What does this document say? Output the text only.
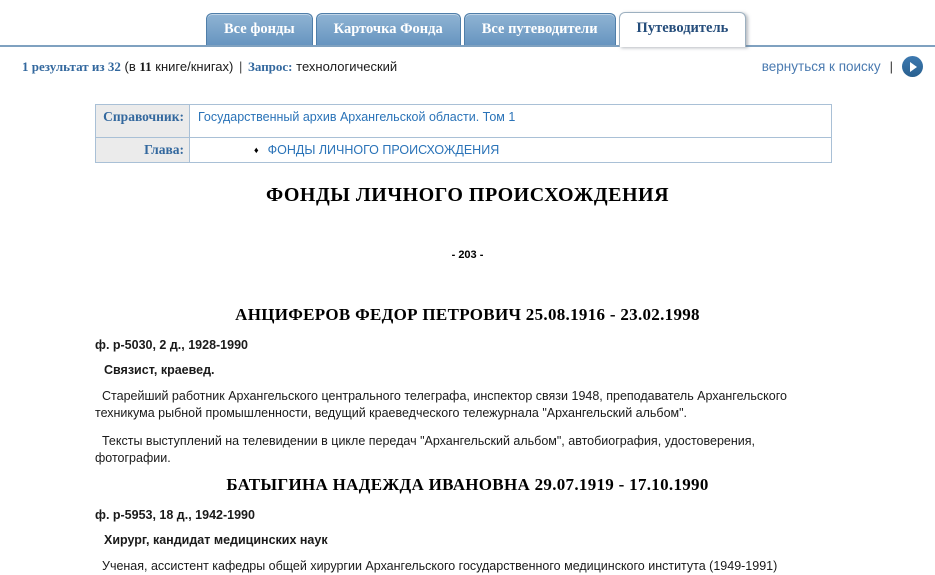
Все фонды	Карточка Фонда	Все путеводители	Путеводитель
1 результат из 32 (в 11 книге/книгах) | Запрос: технологический	вернуться к поиску |
Справочник:	Государственный архив Архангельской области. Том 1
Глава:	♦ ФОНДЫ ЛИЧНОГО ПРОИСХОЖДЕНИЯ
ФОНДЫ ЛИЧНОГО ПРОИСХОЖДЕНИЯ
- 203 -
АНЦИФЕРОВ ФЕДОР ПЕТРОВИЧ 25.08.1916 - 23.02.1998
ф. р-5030, 2 д., 1928-1990
Связист, краевед.
Старейший работник Архангельского центрального телеграфа, инспектор связи 1948, преподаватель Архангельского техникума рыбной промышленности, ведущий краеведческого тележурнала "Архангельский альбом".
Тексты выступлений на телевидении в цикле передач "Архангельский альбом", автобиография, удостоверения, фотографии.
БАТЫГИНА НАДЕЖДА ИВАНОВНА 29.07.1919 - 17.10.1990
ф. р-5953, 18 д., 1942-1990
Хирург, кандидат медицинских наук
Ученая, ассистент кафедры общей хирургии Архангельского государственного медицинского института (1949-1991)
